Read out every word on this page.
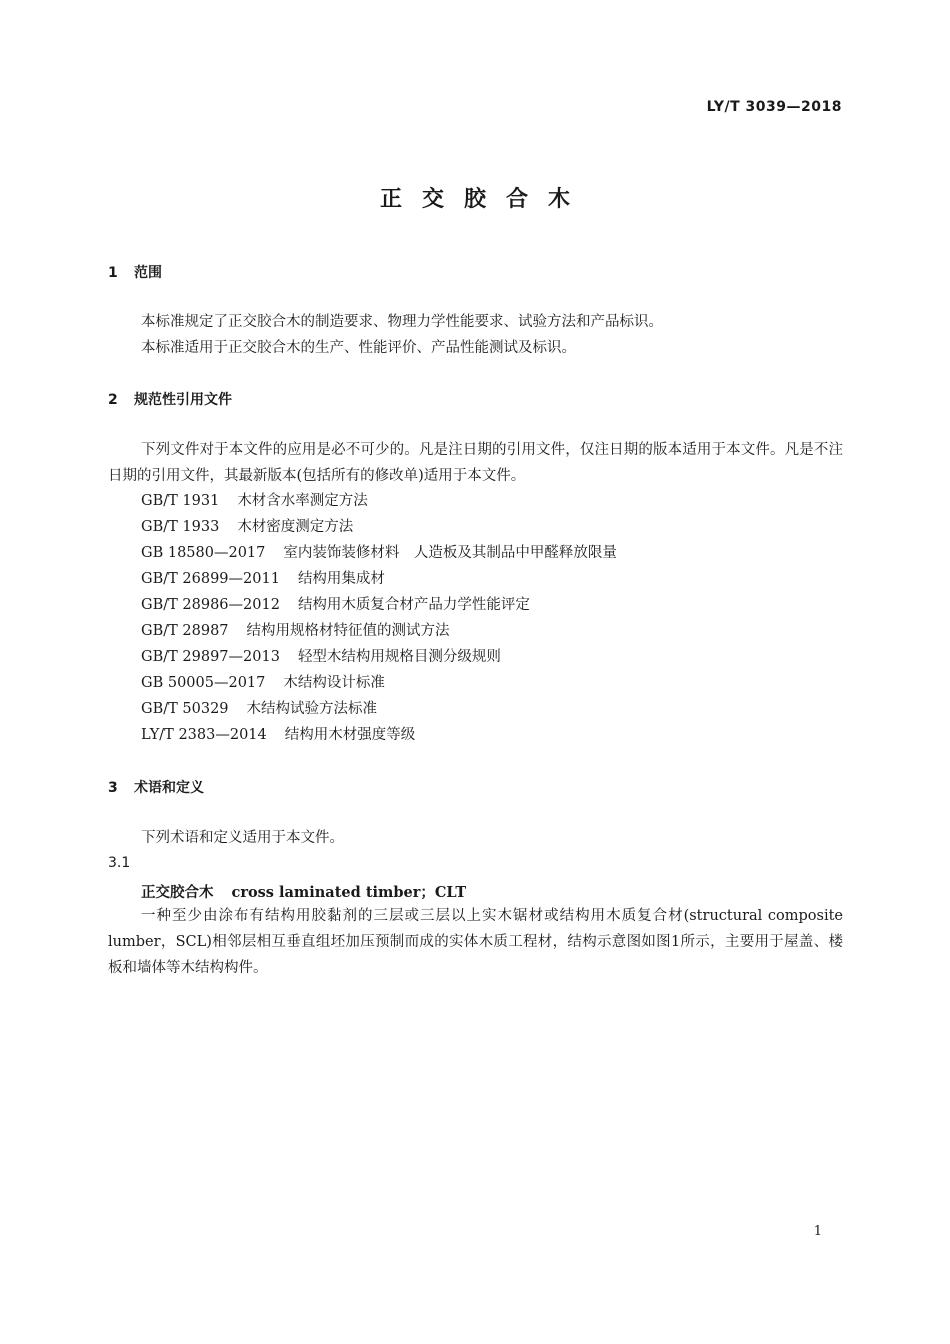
LY/T 3039—2018
正交胶合木
1 范围
本标准规定了正交胶合木的制造要求、物理力学性能要求、试验方法和产品标识。
本标准适用于正交胶合木的生产、性能评价、产品性能测试及标识。
2 规范性引用文件
下列文件对于本文件的应用是必不可少的。凡是注日期的引用文件，仅注日期的版本适用于本文件。凡是不注日期的引用文件，其最新版本(包括所有的修改单)适用于本文件。
GB/T 1931 木材含水率测定方法
GB/T 1933 木材密度测定方法
GB 18580—2017 室内装饰装修材料　人造板及其制品中甲醛释放限量
GB/T 26899—2011 结构用集成材
GB/T 28986—2012 结构用木质复合材产品力学性能评定
GB/T 28987 结构用规格材特征值的测试方法
GB/T 29897—2013 轻型木结构用规格目测分级规则
GB 50005—2017 木结构设计标准
GB/T 50329 木结构试验方法标准
LY/T 2383—2014 结构用木材强度等级
3 术语和定义
下列术语和定义适用于本文件。
3.1
正交胶合木 cross laminated timber；CLT
一种至少由涂布有结构用胶黏剂的三层或三层以上实木锯材或结构用木质复合材(structural composite lumber，SCL)相邻层相互垂直组坯加压预制而成的实体木质工程材，结构示意图如图1所示，主要用于屋盖、楼板和墙体等木结构构件。
1
